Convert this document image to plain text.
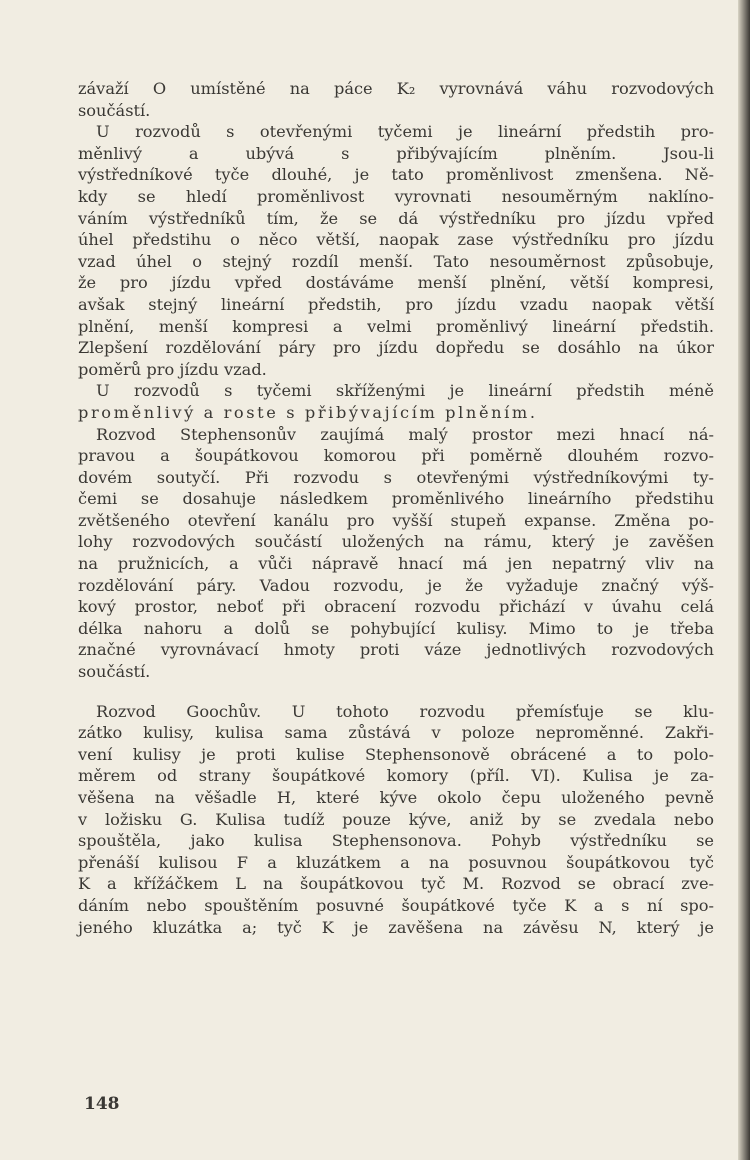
závaží O umístěné na páce K₂ vyrovnává váhu rozvodových
součástí.
U rozvodů s otevřenými tyčemi je lineární předstih pro-
měnlivý a ubývá s přibývajícím plněním. Jsou-li
výstředníkové tyče dlouhé, je tato proměnlivost zmenšena. Ně-
kdy se hledí proměnlivost vyrovnati nesouměrným naklíno-
váním výstředníků tím, že se dá výstředníku pro jízdu vpřed
úhel předstihu o něco větší, naopak zase výstředníku pro jízdu
vzad úhel o stejný rozdíl menší. Tato nesouměrnost způsobuje,
že pro jízdu vpřed dostáváme menší plnění, větší kompresi,
avšak stejný lineární předstih, pro jízdu vzadu naopak větší
plnění, menší kompresi a velmi proměnlivý lineární předstih.
Zlepšení rozdělování páry pro jízdu dopředu se dosáhlo na úkor
poměrů pro jízdu vzad.
U rozvodů s tyčemi skříženými je lineární předstih méně
proměnlivý a roste s přibývajícím plněním.
Rozvod Stephensonův zaujímá malý prostor mezi hnací ná-
pravou a šoupátkovou komorou při poměrně dlouhém rozvo-
dovém soutyčí. Při rozvodu s otevřenými výstředníkovými ty-
čemi se dosahuje následkem proměnlivého lineárního předstihu
zvětšeného otevření kanálu pro vyšší stupeň expanse. Změna po-
lohy rozvodových součástí uložených na rámu, který je zavěšen
na pružnicích, a vůči nápravě hnací má jen nepatrný vliv na
rozdělování páry. Vadou rozvodu, je že vyžaduje značný výš-
kový prostor, neboť při obracení rozvodu přichází v úvahu celá
délka nahoru a dolů se pohybující kulisy. Mimo to je třeba
značné vyrovnávací hmoty proti váze jednotlivých rozvodových
součástí.
Rozvod Goochův. U tohoto rozvodu přemísťuje se klu-
zátko kulisy, kulisa sama zůstává v poloze neproměnné. Zakři-
vení kulisy je proti kulise Stephensonově obrácené a to polo-
měrem od strany šoupátkové komory (příl. VI). Kulisa je za-
věšena na věšadle H, které kýve okolo čepu uloženého pevně
v ložisku G. Kulisa tudíž pouze kýve, aniž by se zvedala nebo
spouštěla, jako kulisa Stephensonova. Pohyb výstředníku se
přenáší kulisou F a kluzátkem a na posuvnou šoupátkovou tyč
K a křížáčkem L na šoupátkovou tyč M. Rozvod se obrací zve-
dáním nebo spouštěním posuvné šoupátkové tyče K a s ní spo-
jeného kluzátka a; tyč K je zavěšena na závěsu N, který je
148
